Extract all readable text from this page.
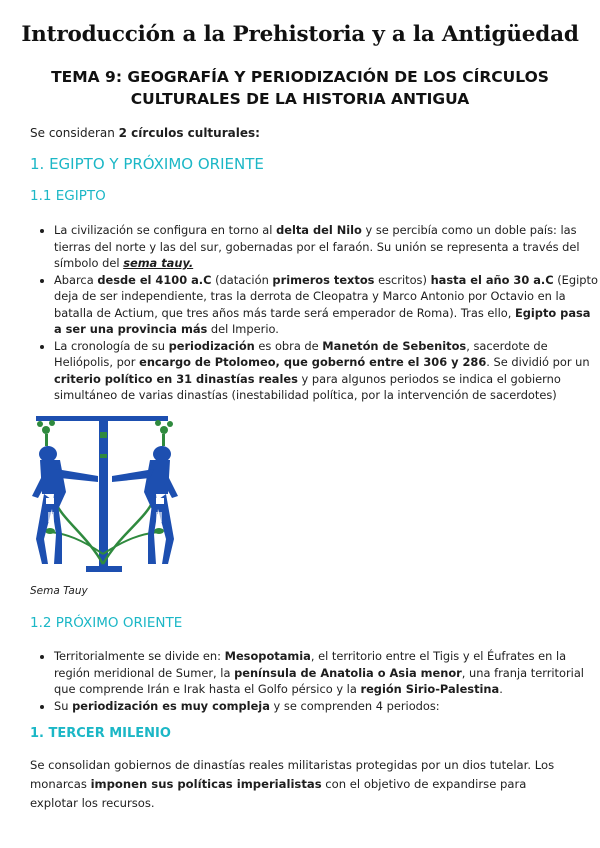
Introducción a la Prehistoria y a la Antigüedad
TEMA 9: GEOGRAFÍA Y PERIODIZACIÓN DE LOS CÍRCULOS CULTURALES DE LA HISTORIA ANTIGUA
Se consideran 2 círculos culturales:
1. EGIPTO Y PRÓXIMO ORIENTE
1.1 EGIPTO
• La civilización se configura en torno al delta del Nilo y se percibía como un doble país: las tierras del norte y las del sur, gobernadas por el faraón. Su unión se representa a través del símbolo del sema tauy.
• Abarca desde el 4100 a.C (datación primeros textos escritos) hasta el año 30 a.C (Egipto deja de ser independiente, tras la derrota de Cleopatra y Marco Antonio por Octavio en la batalla de Actium, que tres años más tarde será emperador de Roma). Tras ello, Egipto pasa a ser una provincia más del Imperio.
• La cronología de su periodización es obra de Manetón de Sebenitos, sacerdote de Heliópolis, por encargo de Ptolomeo, que gobernó entre el 306 y 286. Se dividió por un criterio político en 31 dinastías reales y para algunos periodos se indica el gobierno simultáneo de varias dinastías (inestabilidad política, por la intervención de sacerdotes)
Sema Tauy
1.2 PRÓXIMO ORIENTE
• Territorialmente se divide en: Mesopotamia, el territorio entre el Tigis y el Éufrates en la región meridional de Sumer, la península de Anatolia o Asia menor, una franja territorial que comprende Irán e Irak hasta el Golfo pérsico y la región Sirio-Palestina.
• Su periodización es muy compleja y se comprenden 4 periodos:
1. TERCER MILENIO
Se consolidan gobiernos de dinastías reales militaristas protegidas por un dios tutelar. Los monarcas imponen sus políticas imperialistas con el objetivo de expandirse para explotar los recursos.
